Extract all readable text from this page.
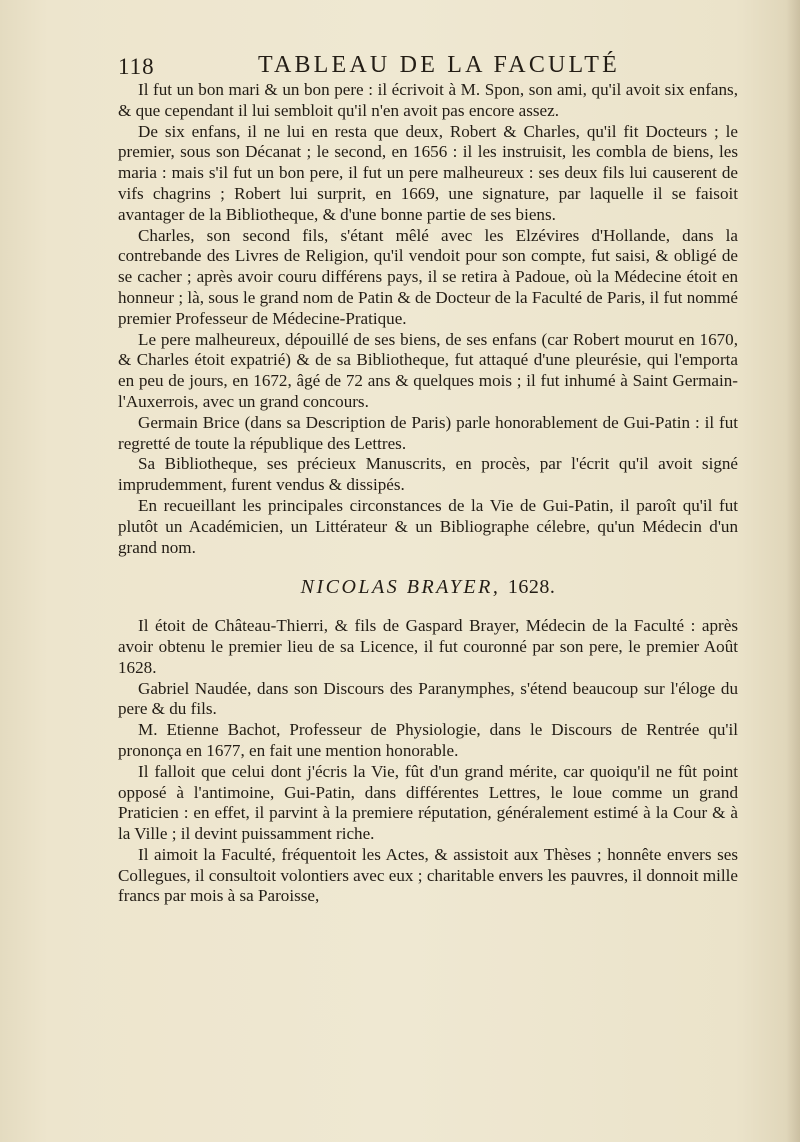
118	TABLEAU DE LA FACULTÉ

Il fut un bon mari & un bon pere : il écrivoit à M. Spon, son ami, qu'il avoit six enfans, & que cependant il lui sembloit qu'il n'en avoit pas encore assez.

De six enfans, il ne lui en resta que deux, Robert & Charles, qu'il fit Docteurs ; le premier, sous son Décanat ; le second, en 1656 : il les instruisit, les combla de biens, les maria : mais s'il fut un bon pere, il fut un pere malheureux : ses deux fils lui causerent de vifs chagrins ; Robert lui surprit, en 1669, une signature, par laquelle il se faisoit avantager de la Bibliotheque, & d'une bonne partie de ses biens.

Charles, son second fils, s'étant mêlé avec les Elzévires d'Hollande, dans la contrebande des Livres de Religion, qu'il vendoit pour son compte, fut saisi, & obligé de se cacher ; après avoir couru différens pays, il se retira à Padoue, où la Médecine étoit en honneur ; là, sous le grand nom de Patin & de Docteur de la Faculté de Paris, il fut nommé premier Professeur de Médecine-Pratique.

Le pere malheureux, dépouillé de ses biens, de ses enfans (car Robert mourut en 1670, & Charles étoit expatrié) & de sa Bibliotheque, fut attaqué d'une pleurésie, qui l'emporta en peu de jours, en 1672, âgé de 72 ans & quelques mois ; il fut inhumé à Saint Germain-l'Auxerrois, avec un grand concours.

Germain Brice (dans sa Description de Paris) parle honorablement de Gui-Patin : il fut regretté de toute la république des Lettres.

Sa Bibliotheque, ses précieux Manuscrits, en procès, par l'écrit qu'il avoit signé imprudemment, furent vendus & dissipés.

En recueillant les principales circonstances de la Vie de Gui-Patin, il paroît qu'il fut plutôt un Académicien, un Littérateur & un Bibliographe célebre, qu'un Médecin d'un grand nom.

NICOLAS BRAYER, 1628.

Il étoit de Château-Thierri, & fils de Gaspard Brayer, Médecin de la Faculté : après avoir obtenu le premier lieu de sa Licence, il fut couronné par son pere, le premier Août 1628.

Gabriel Naudée, dans son Discours des Paranymphes, s'étend beaucoup sur l'éloge du pere & du fils.

M. Etienne Bachot, Professeur de Physiologie, dans le Discours de Rentrée qu'il prononça en 1677, en fait une mention honorable.

Il falloit que celui dont j'écris la Vie, fût d'un grand mérite, car quoiqu'il ne fût point opposé à l'antimoine, Gui-Patin, dans différentes Lettres, le loue comme un grand Praticien : en effet, il parvint à la premiere réputation, généralement estimé à la Cour & à la Ville ; il devint puissamment riche.

Il aimoit la Faculté, fréquentoit les Actes, & assistoit aux Thèses ; honnête envers ses Collegues, il consultoit volontiers avec eux ; charitable envers les pauvres, il donnoit mille francs par mois à sa Paroisse,
